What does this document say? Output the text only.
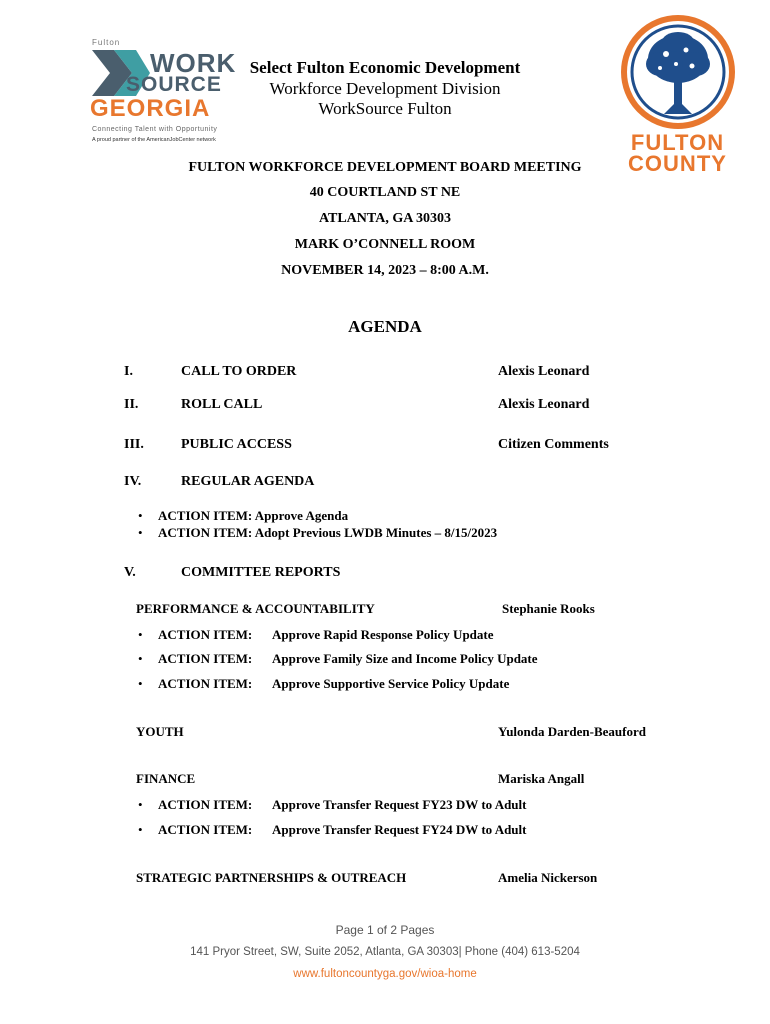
Fulton
WORK
SOURCE
GEORGIA
Connecting Talent with Opportunity
A proud partner of the AmericanJobCenter network
Select Fulton Economic Development
Workforce Development Division
WorkSource Fulton
FULTON
COUNTY
FULTON WORKFORCE DEVELOPMENT BOARD MEETING
40 COURTLAND ST NE
ATLANTA, GA 30303
MARK O’CONNELL ROOM
NOVEMBER 14, 2023 – 8:00 A.M.
AGENDA
I.	CALL TO ORDER	Alexis Leonard
II.	ROLL CALL	Alexis Leonard
III.	PUBLIC ACCESS	Citizen Comments
IV.	REGULAR AGENDA
• ACTION ITEM: Approve Agenda
• ACTION ITEM: Adopt Previous LWDB Minutes – 8/15/2023
V.	COMMITTEE REPORTS
PERFORMANCE & ACCOUNTABILITY	Stephanie Rooks
• ACTION ITEM: Approve Rapid Response Policy Update
• ACTION ITEM: Approve Family Size and Income Policy Update
• ACTION ITEM: Approve Supportive Service Policy Update
YOUTH	Yulonda Darden-Beauford
FINANCE	Mariska Angall
• ACTION ITEM: Approve Transfer Request FY23 DW to Adult
• ACTION ITEM: Approve Transfer Request FY24 DW to Adult
STRATEGIC PARTNERSHIPS & OUTREACH	Amelia Nickerson
Page 1 of 2 Pages
141 Pryor Street, SW, Suite 2052, Atlanta, GA 30303| Phone (404) 613-5204
www.fultoncountyga.gov/wioa-home
